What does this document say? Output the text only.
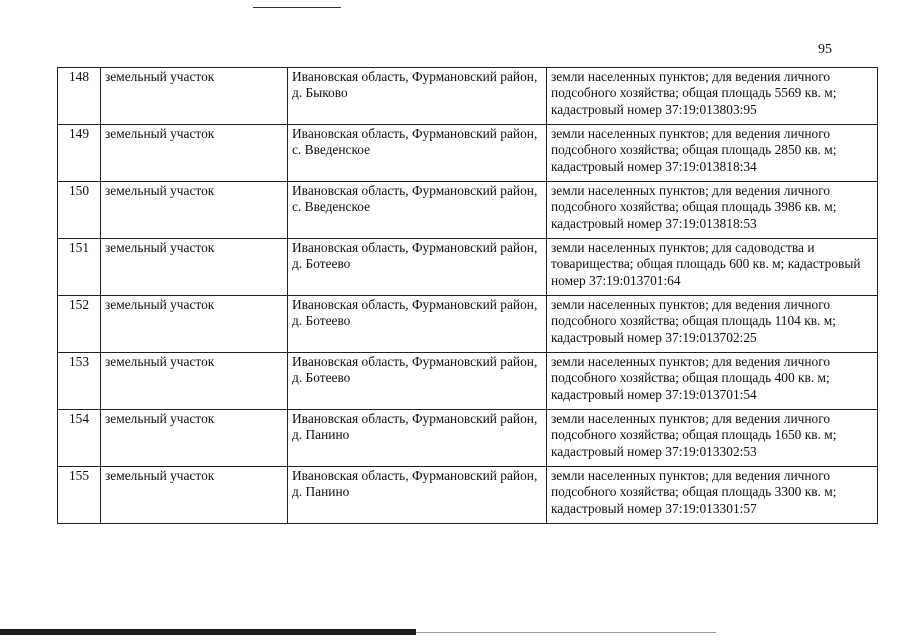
95
148	земельный участок	Ивановская область, Фурмановский район, д. Быково	земли населенных пунктов; для ведения личного подсобного хозяйства; общая площадь 5569 кв. м; кадастровый номер 37:19:013803:95
149	земельный участок	Ивановская область, Фурмановский район, с. Введенское	земли населенных пунктов; для ведения личного подсобного хозяйства; общая площадь 2850 кв. м; кадастровый номер 37:19:013818:34
150	земельный участок	Ивановская область, Фурмановский район, с. Введенское	земли населенных пунктов; для ведения личного подсобного хозяйства; общая площадь 3986 кв. м; кадастровый номер 37:19:013818:53
151	земельный участок	Ивановская область, Фурмановский район, д. Ботеево	земли населенных пунктов; для садоводства и товарищества; общая площадь 600 кв. м; кадастровый номер 37:19:013701:64
152	земельный участок	Ивановская область, Фурмановский район, д. Ботеево	земли населенных пунктов; для ведения личного подсобного хозяйства; общая площадь 1104 кв. м; кадастровый номер 37:19:013702:25
153	земельный участок	Ивановская область, Фурмановский район, д. Ботеево	земли населенных пунктов; для ведения личного подсобного хозяйства; общая площадь 400 кв. м; кадастровый номер 37:19:013701:54
154	земельный участок	Ивановская область, Фурмановский район, д. Панино	земли населенных пунктов; для ведения личного подсобного хозяйства; общая площадь 1650 кв. м; кадастровый номер 37:19:013302:53
155	земельный участок	Ивановская область, Фурмановский район, д. Панино	земли населенных пунктов; для ведения личного подсобного хозяйства; общая площадь 3300 кв. м; кадастровый номер 37:19:013301:57
